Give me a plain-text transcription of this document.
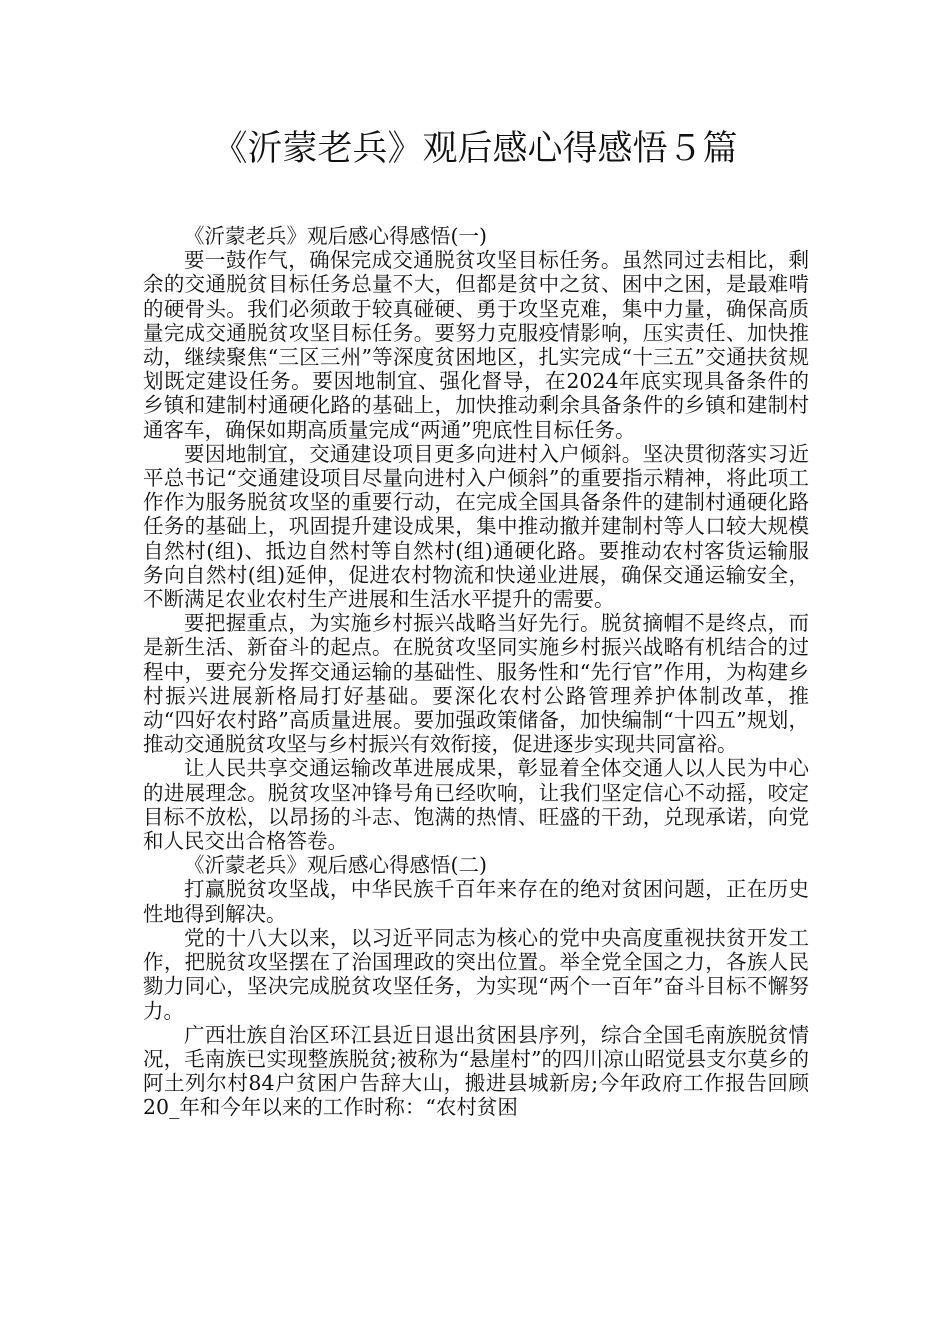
《沂蒙老兵》观后感心得感悟５篇

《沂蒙老兵》观后感心得感悟(一)

要一鼓作气，确保完成交通脱贫攻坚目标任务。虽然同过去相比，剩余的交通脱贫目标任务总量不大，但都是贫中之贫、困中之困，是最难啃的硬骨头。我们必须敢于较真碰硬、勇于攻坚克难，集中力量，确保高质量完成交通脱贫攻坚目标任务。要努力克服疫情影响，压实责任、加快推动，继续聚焦“三区三州”等深度贫困地区，扎实完成“十三五”交通扶贫规划既定建设任务。要因地制宜、强化督导，在2024年底实现具备条件的乡镇和建制村通硬化路的基础上，加快推动剩余具备条件的乡镇和建制村通客车，确保如期高质量完成“两通”兜底性目标任务。

要因地制宜，交通建设项目更多向进村入户倾斜。坚决贯彻落实习近平总书记“交通建设项目尽量向进村入户倾斜”的重要指示精神，将此项工作作为服务脱贫攻坚的重要行动，在完成全国具备条件的建制村通硬化路任务的基础上，巩固提升建设成果，集中推动撤并建制村等人口较大规模自然村(组)、抵边自然村等自然村(组)通硬化路。要推动农村客货运输服务向自然村(组)延伸，促进农村物流和快递业进展，确保交通运输安全，不断满足农业农村生产进展和生活水平提升的需要。

要把握重点，为实施乡村振兴战略当好先行。脱贫摘帽不是终点，而是新生活、新奋斗的起点。在脱贫攻坚同实施乡村振兴战略有机结合的过程中，要充分发挥交通运输的基础性、服务性和“先行官”作用，为构建乡村振兴进展新格局打好基础。要深化农村公路管理养护体制改革，推动“四好农村路”高质量进展。要加强政策储备，加快编制“十四五”规划，推动交通脱贫攻坚与乡村振兴有效衔接，促进逐步实现共同富裕。

让人民共享交通运输改革进展成果，彰显着全体交通人以人民为中心的进展理念。脱贫攻坚冲锋号角已经吹响，让我们坚定信心不动摇，咬定目标不放松，以昂扬的斗志、饱满的热情、旺盛的干劲，兑现承诺，向党和人民交出合格答卷。

《沂蒙老兵》观后感心得感悟(二)

打赢脱贫攻坚战，中华民族千百年来存在的绝对贫困问题，正在历史性地得到解决。

党的十八大以来，以习近平同志为核心的党中央高度重视扶贫开发工作，把脱贫攻坚摆在了治国理政的突出位置。举全党全国之力，各族人民勠力同心，坚决完成脱贫攻坚任务，为实现“两个一百年”奋斗目标不懈努力。

广西壮族自治区环江县近日退出贫困县序列，综合全国毛南族脱贫情况，毛南族已实现整族脱贫;被称为“悬崖村”的四川凉山昭觉县支尔莫乡的阿土列尔村84户贫困户告辞大山，搬进县城新房;今年政府工作报告回顾20_年和今年以来的工作时称：“农村贫困
